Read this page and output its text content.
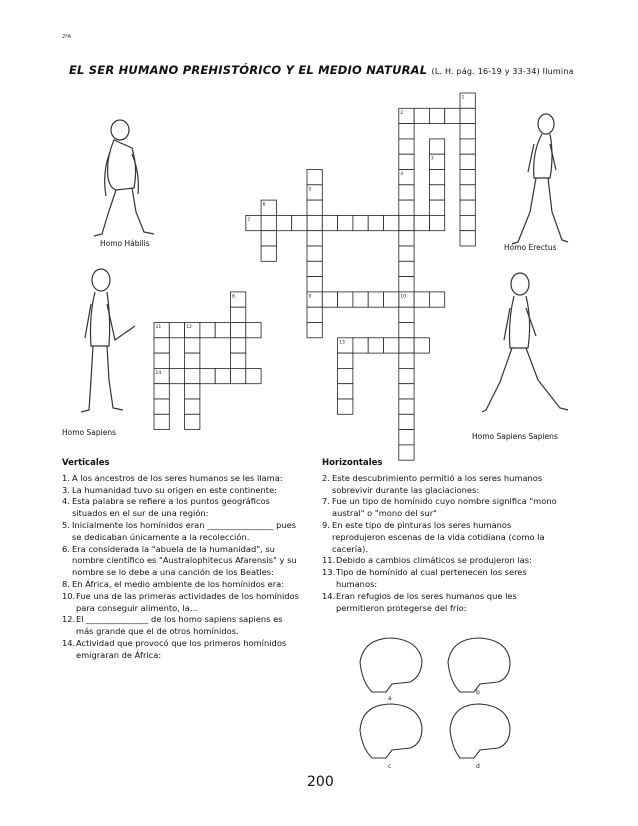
2ºA
EL SER HUMANO PREHISTÓRICO Y EL MEDIO NATURAL (L. H. pág. 16-19 y 33-34) Ilumina
1
2
3
4
5
6
7
8	9	10
11	12
13
14
Homo Hábilis	Homo Erectus
Homo Sapiens	Homo Sapiens Sapiens
Verticales
1. A los ancestros de los seres humanos se les llama:
3. La humanidad tuvo su origen en este continente:
4. Esta palabra se refiere a los puntos geográficos situados en el sur de una región:
5. Inicialmente los homínidos eran ________________ pues se dedicaban únicamente a la recolección.
6. Era considerada la "abuela de la humanidad", su nombre científico es "Australophitecus Afarensis" y su nombre se lo debe a una canción de los Beatles:
8. En África, el medio ambiente de los homínidos era:
10. Fue una de las primeras actividades de los homínidos para conseguir alimento, la…
12. El _______________ de los homo sapiens sapiens es más grande que el de otros homínidos.
14. Actividad que provocó que los primeros homínidos emigraran de África:
Horizontales
2. Este descubrimiento permitió a los seres humanos sobrevivir durante las glaciaciones:
7. Fue un tipo de homínido cuyo nombre significa "mono austral" o "mono del sur"
9. En este tipo de pinturas los seres humanos reprodujeron escenas de la vida cotidiana (como la cacería).
11. Debido a cambios climáticos se produjeron las:
13. Tipo de homínido al cual pertenecen los seres humanos:
14. Eran refugios de los seres humanos que les permitieron protegerse del frío:
a
b
c	d
200
